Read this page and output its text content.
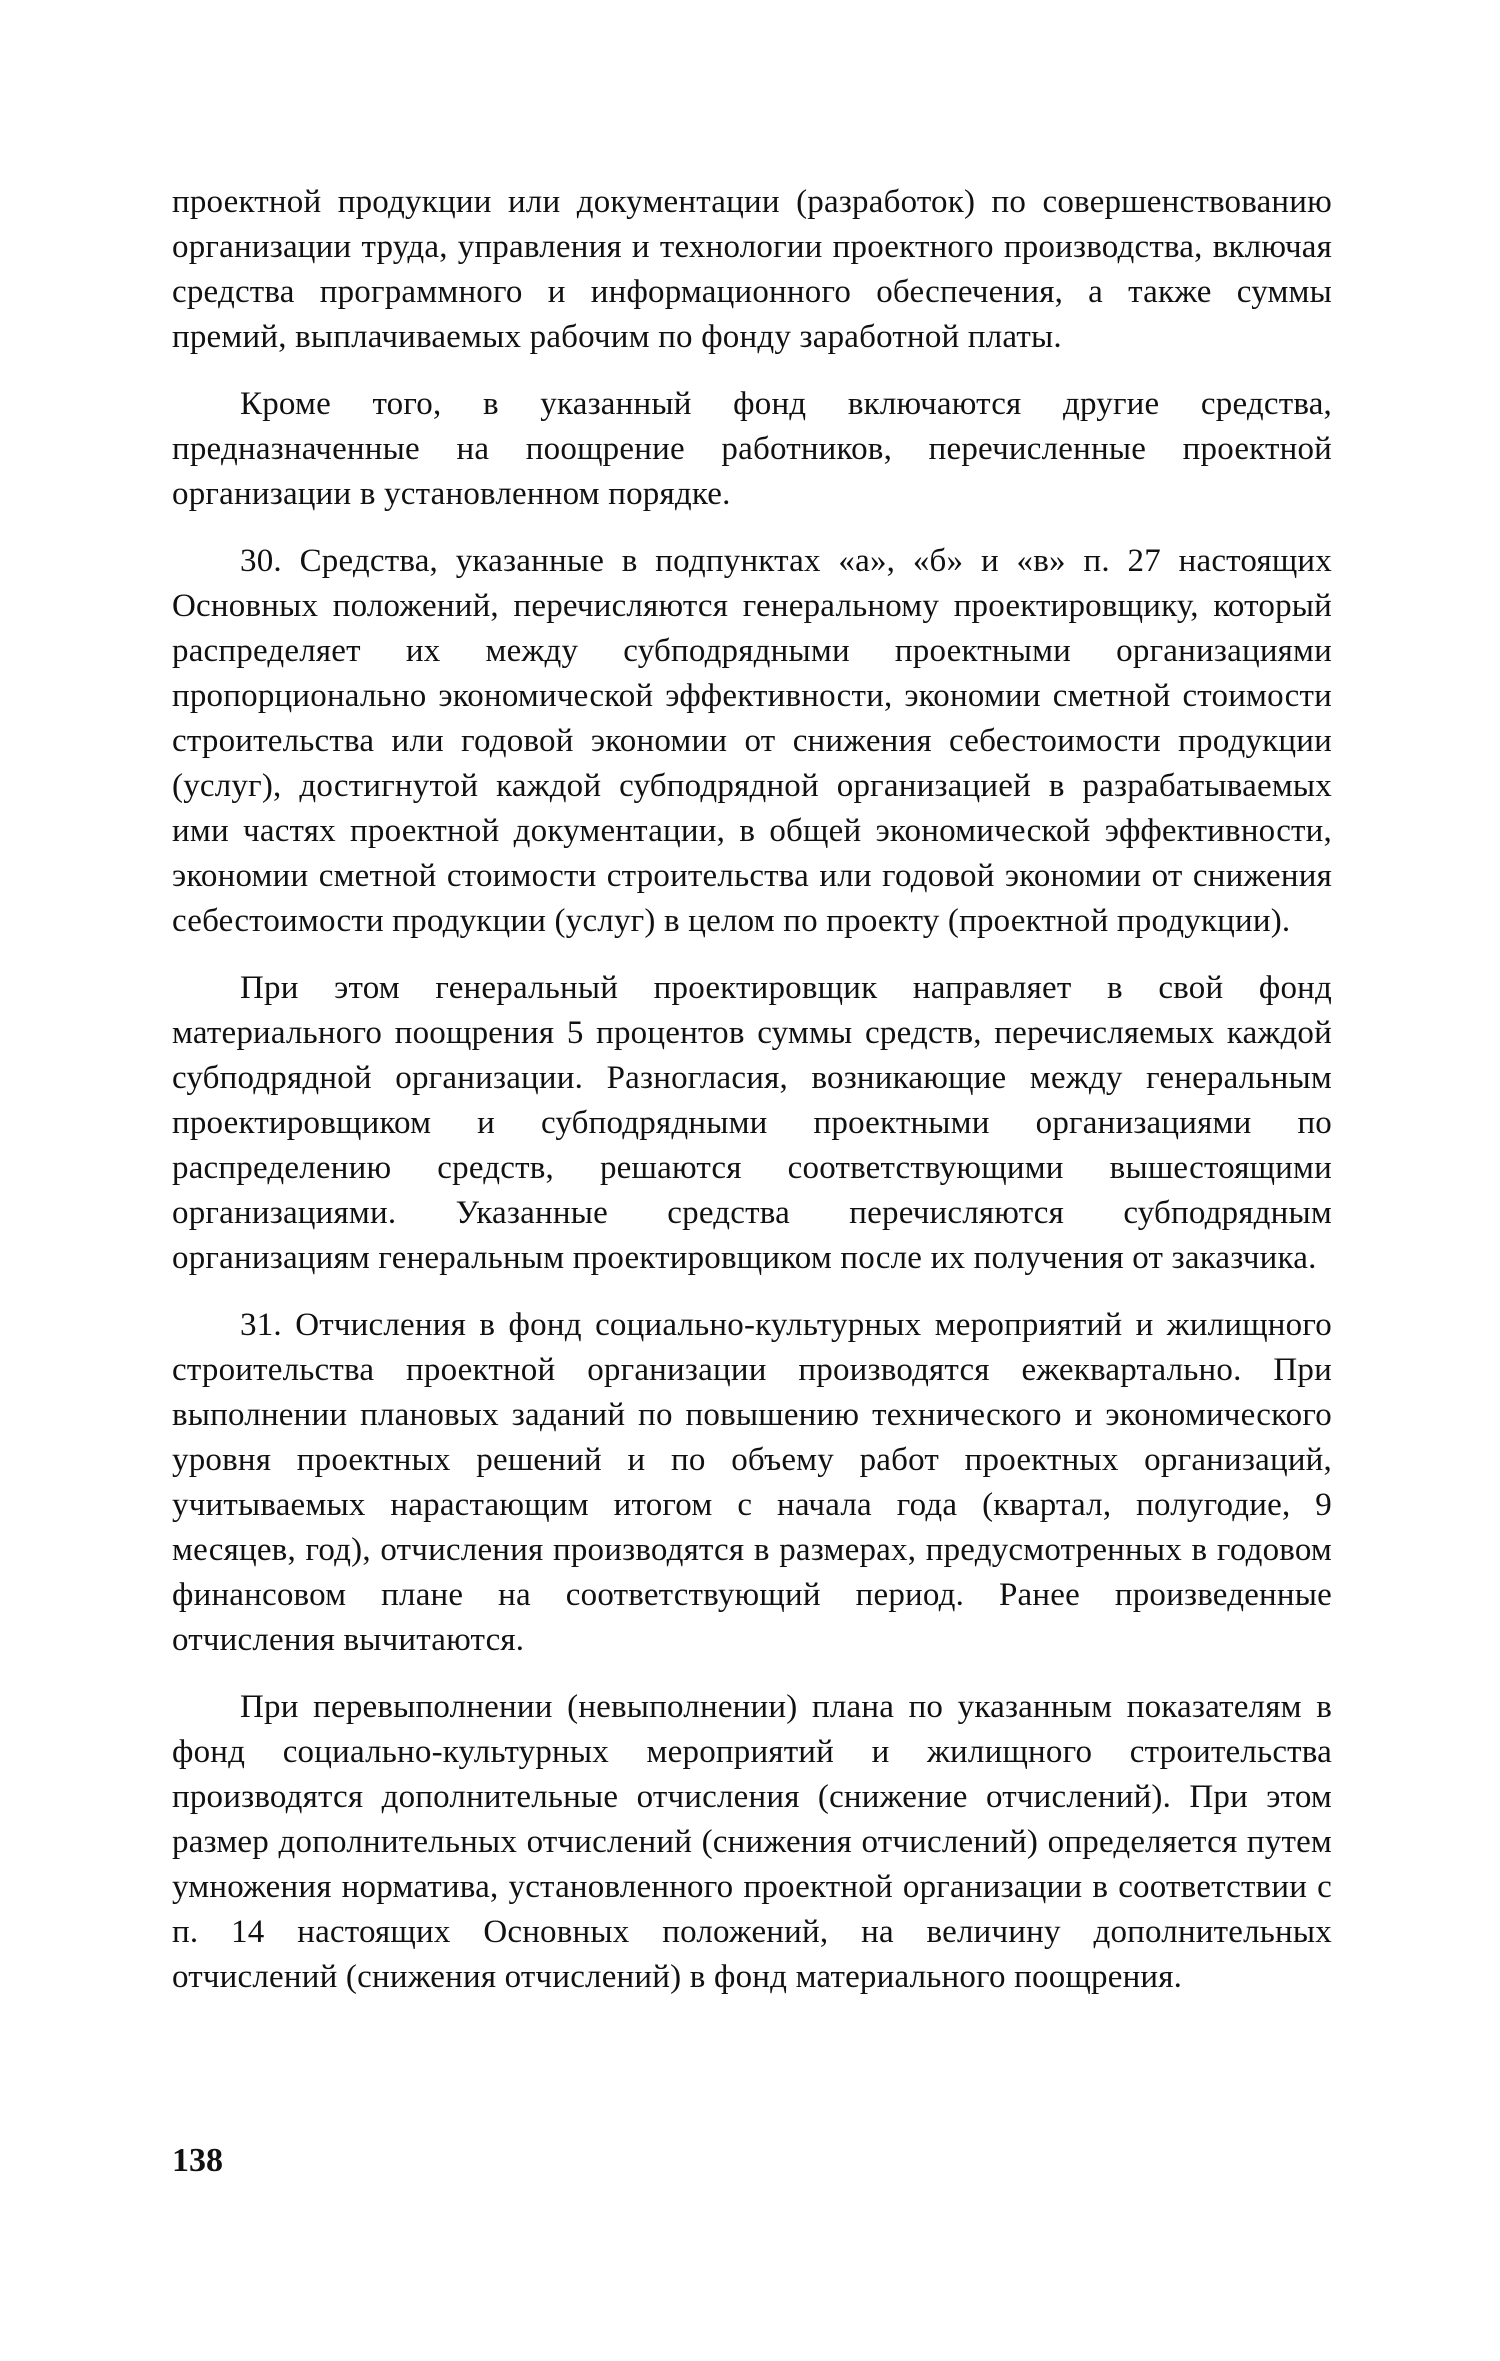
проектной продукции или документации (разработок) по совершенствованию организации труда, управления и технологии проектного производства, включая средства программного и информационного обеспечения, а также суммы премий, выплачиваемых рабочим по фонду заработной платы.

Кроме того, в указанный фонд включаются другие средства, предназначенные на поощрение работников, перечисленные проектной организации в установленном порядке.

30. Средства, указанные в подпунктах «а», «б» и «в» п. 27 настоящих Основных положений, перечисляются генеральному проектировщику, который распределяет их между субподрядными проектными организациями пропорционально экономической эффективности, экономии сметной стоимости строительства или годовой экономии от снижения себестоимости продукции (услуг), достигнутой каждой субподрядной организацией в разрабатываемых ими частях проектной документации, в общей экономической эффективности, экономии сметной стоимости строительства или годовой экономии от снижения себестоимости продукции (услуг) в целом по проекту (проектной продукции).

При этом генеральный проектировщик направляет в свой фонд материального поощрения 5 процентов суммы средств, перечисляемых каждой субподрядной организации. Разногласия, возникающие между генеральным проектировщиком и субподрядными проектными организациями по распределению средств, решаются соответствующими вышестоящими организациями. Указанные средства перечисляются субподрядным организациям генеральным проектировщиком после их получения от заказчика.

31. Отчисления в фонд социально-культурных мероприятий и жилищного строительства проектной организации производятся ежеквартально. При выполнении плановых заданий по повышению технического и экономического уровня проектных решений и по объему работ проектных организаций, учитываемых нарастающим итогом с начала года (квартал, полугодие, 9 месяцев, год), отчисления производятся в размерах, предусмотренных в годовом финансовом плане на соответствующий период. Ранее произведенные отчисления вычитаются.

При перевыполнении (невыполнении) плана по указанным показателям в фонд социально-культурных мероприятий и жилищного строительства производятся дополнительные отчисления (снижение отчислений). При этом размер дополнительных отчислений (снижения отчислений) определяется путем умножения норматива, установленного проектной организации в соответствии с п. 14 настоящих Основных положений, на величину дополнительных отчислений (снижения отчислений) в фонд материального поощрения.

138
